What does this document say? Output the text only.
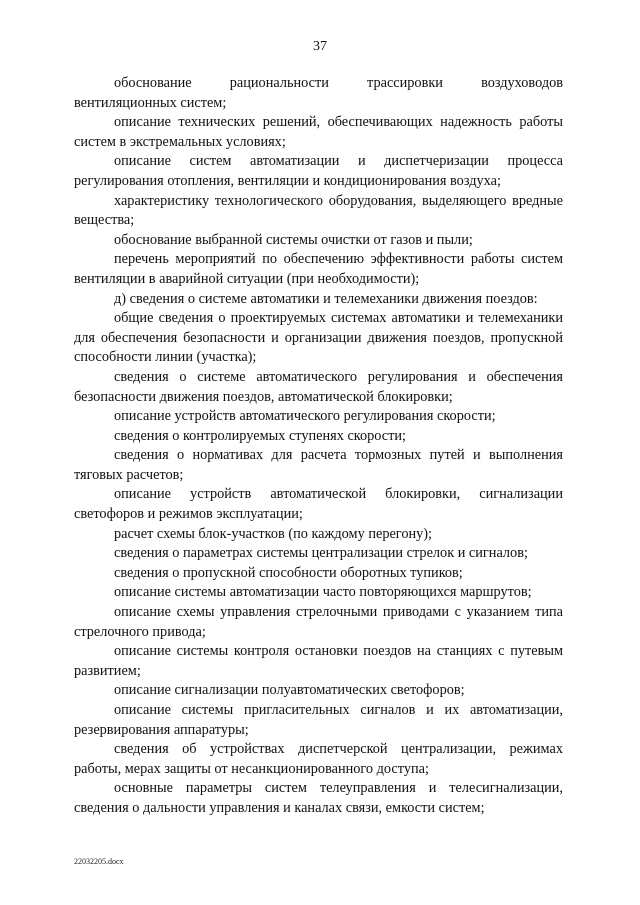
37

обоснование рациональности трассировки воздуховодов вентиляционных систем;

описание технических решений, обеспечивающих надежность работы систем в экстремальных условиях;

описание систем автоматизации и диспетчеризации процесса регулирования отопления, вентиляции и кондиционирования воздуха;

характеристику технологического оборудования, выделяющего вредные вещества;

обоснование выбранной системы очистки от газов и пыли;

перечень мероприятий по обеспечению эффективности работы систем вентиляции в аварийной ситуации (при необходимости);

д) сведения о системе автоматики и телемеханики движения поездов:

общие сведения о проектируемых системах автоматики и телемеханики для обеспечения безопасности и организации движения поездов, пропускной способности линии (участка);

сведения о системе автоматического регулирования и обеспечения безопасности движения поездов, автоматической блокировки;

описание устройств автоматического регулирования скорости;

сведения о контролируемых ступенях скорости;

сведения о нормативах для расчета тормозных путей и выполнения тяговых расчетов;

описание устройств автоматической блокировки, сигнализации светофоров и режимов эксплуатации;

расчет схемы блок-участков (по каждому перегону);

сведения о параметрах системы централизации стрелок и сигналов;

сведения о пропускной способности оборотных тупиков;

описание системы автоматизации часто повторяющихся маршрутов;

описание схемы управления стрелочными приводами с указанием типа стрелочного привода;

описание системы контроля остановки поездов на станциях с путевым развитием;

описание сигнализации полуавтоматических светофоров;

описание системы пригласительных сигналов и их автоматизации, резервирования аппаратуры;

сведения об устройствах диспетчерской централизации, режимах работы, мерах защиты от несанкционированного доступа;

основные параметры систем телеуправления и телесигнализации, сведения о дальности управления и каналах связи, емкости систем;

22032205.docx
